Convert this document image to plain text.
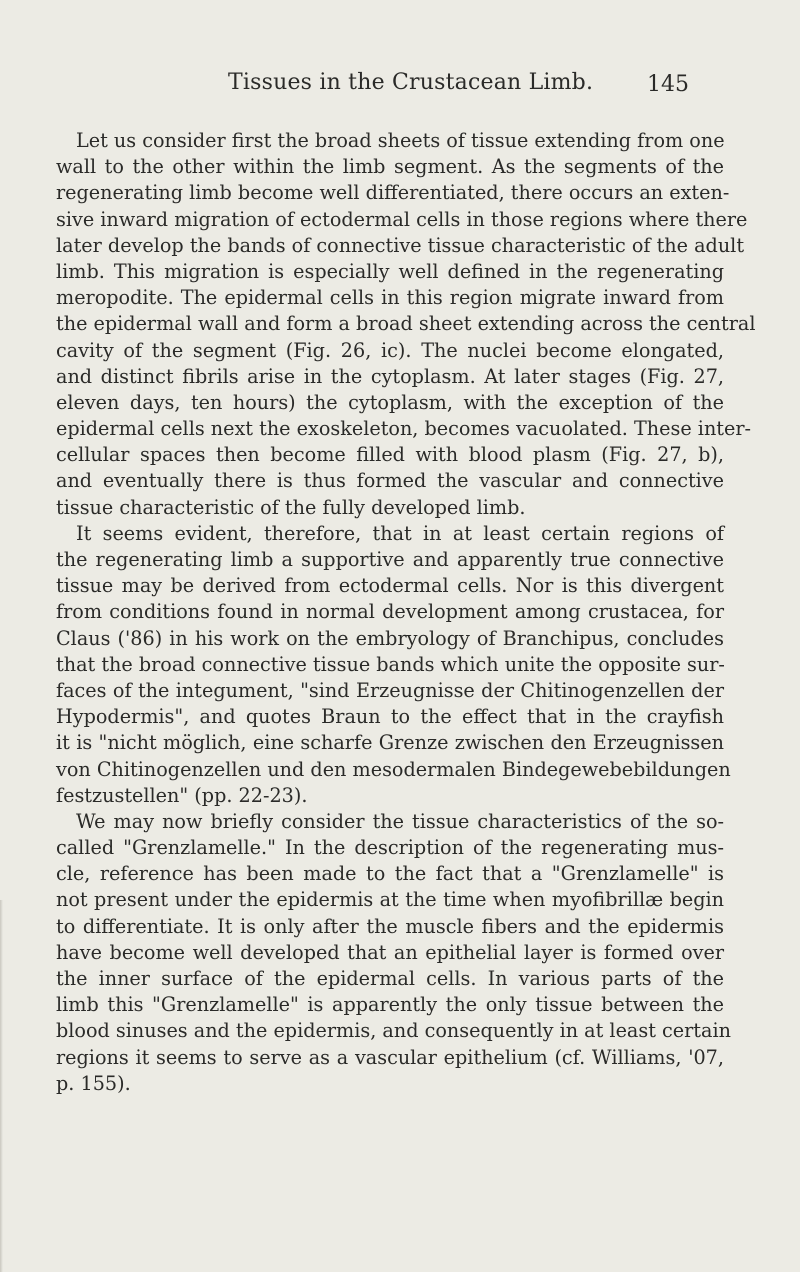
Tissues in the Crustacean Limb. 145
Let us consider first the broad sheets of tissue extending from one
wall to the other within the limb segment. As the segments of the
regenerating limb become well differentiated, there occurs an exten-
sive inward migration of ectodermal cells in those regions where there
later develop the bands of connective tissue characteristic of the adult
limb. This migration is especially well defined in the regenerating
meropodite. The epidermal cells in this region migrate inward from
the epidermal wall and form a broad sheet extending across the central
cavity of the segment (Fig. 26, ic). The nuclei become elongated,
and distinct fibrils arise in the cytoplasm. At later stages (Fig. 27,
eleven days, ten hours) the cytoplasm, with the exception of the
epidermal cells next the exoskeleton, becomes vacuolated. These inter-
cellular spaces then become filled with blood plasm (Fig. 27, b),
and eventually there is thus formed the vascular and connective
tissue characteristic of the fully developed limb.
It seems evident, therefore, that in at least certain regions of
the regenerating limb a supportive and apparently true connective
tissue may be derived from ectodermal cells. Nor is this divergent
from conditions found in normal development among crustacea, for
Claus ('86) in his work on the embryology of Branchipus, concludes
that the broad connective tissue bands which unite the opposite sur-
faces of the integument, "sind Erzeugnisse der Chitinogenzellen der
Hypodermis", and quotes Braun to the effect that in the crayfish
it is "nicht möglich, eine scharfe Grenze zwischen den Erzeugnissen
von Chitinogenzellen und den mesodermalen Bindegewebebildungen
festzustellen" (pp. 22-23).
We may now briefly consider the tissue characteristics of the so-
called "Grenzlamelle." In the description of the regenerating mus-
cle, reference has been made to the fact that a "Grenzlamelle" is
not present under the epidermis at the time when myofibrillæ begin
to differentiate. It is only after the muscle fibers and the epidermis
have become well developed that an epithelial layer is formed over
the inner surface of the epidermal cells. In various parts of the
limb this "Grenzlamelle" is apparently the only tissue between the
blood sinuses and the epidermis, and consequently in at least certain
regions it seems to serve as a vascular epithelium (cf. Williams, '07,
p. 155).
